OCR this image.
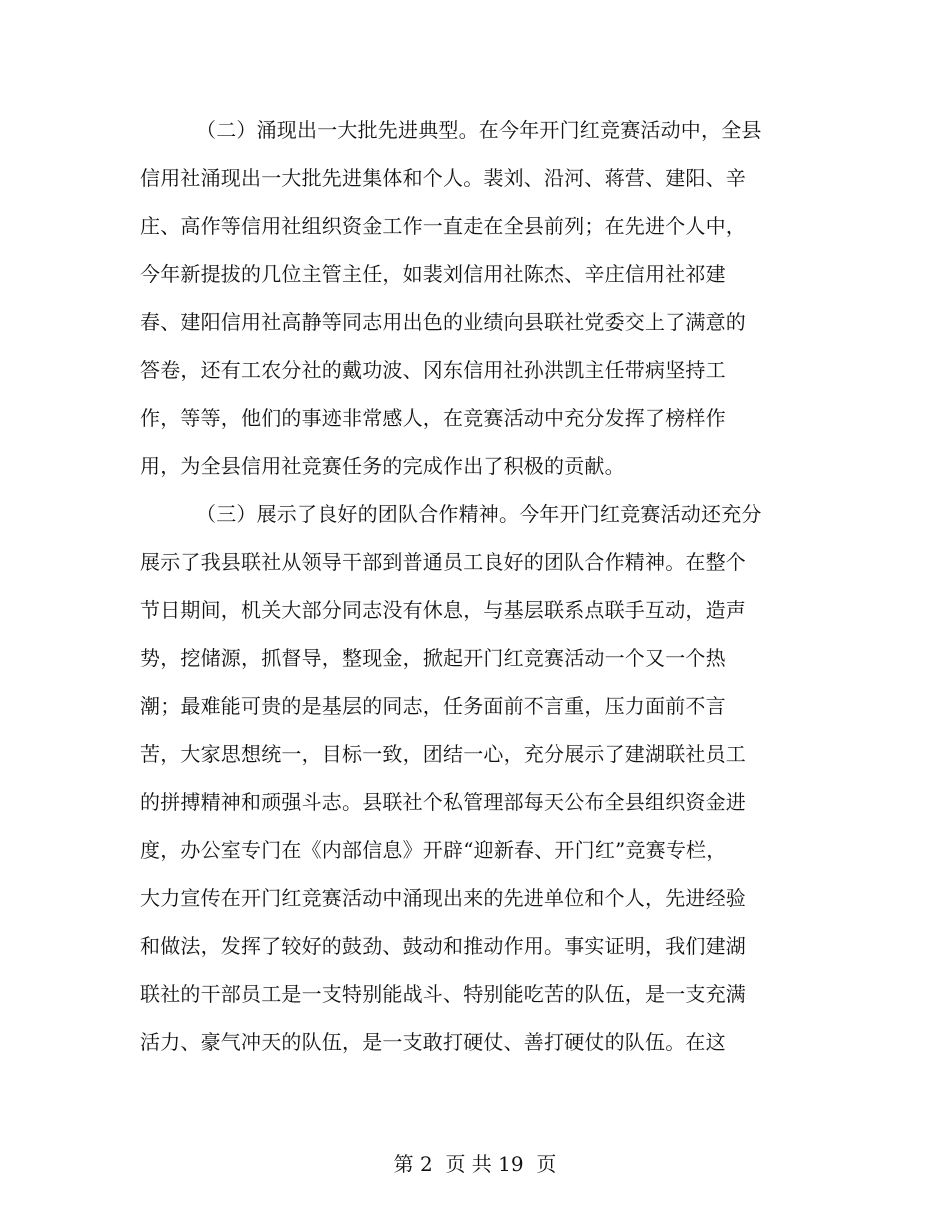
（二）涌现出一大批先进典型。在今年开门红竞赛活动中，全县
信用社涌现出一大批先进集体和个人。裴刘、沿河、蒋营、建阳、辛
庄、高作等信用社组织资金工作一直走在全县前列；在先进个人中，
今年新提拔的几位主管主任，如裴刘信用社陈杰、辛庄信用社祁建
春、建阳信用社高静等同志用出色的业绩向县联社党委交上了满意的
答卷，还有工农分社的戴功波、冈东信用社孙洪凯主任带病坚持工
作，等等，他们的事迹非常感人，在竞赛活动中充分发挥了榜样作
用，为全县信用社竞赛任务的完成作出了积极的贡献。
（三）展示了良好的团队合作精神。今年开门红竞赛活动还充分
展示了我县联社从领导干部到普通员工良好的团队合作精神。在整个
节日期间，机关大部分同志没有休息，与基层联系点联手互动，造声
势，挖储源，抓督导，整现金，掀起开门红竞赛活动一个又一个热
潮；最难能可贵的是基层的同志，任务面前不言重，压力面前不言
苦，大家思想统一，目标一致，团结一心，充分展示了建湖联社员工
的拼搏精神和顽强斗志。县联社个私管理部每天公布全县组织资金进
度，办公室专门在《内部信息》开辟“迎新春、开门红”竞赛专栏，
大力宣传在开门红竞赛活动中涌现出来的先进单位和个人，先进经验
和做法，发挥了较好的鼓劲、鼓动和推动作用。事实证明，我们建湖
联社的干部员工是一支特别能战斗、特别能吃苦的队伍，是一支充满
活力、豪气冲天的队伍，是一支敢打硬仗、善打硬仗的队伍。在这
第 2  页 共 19  页
